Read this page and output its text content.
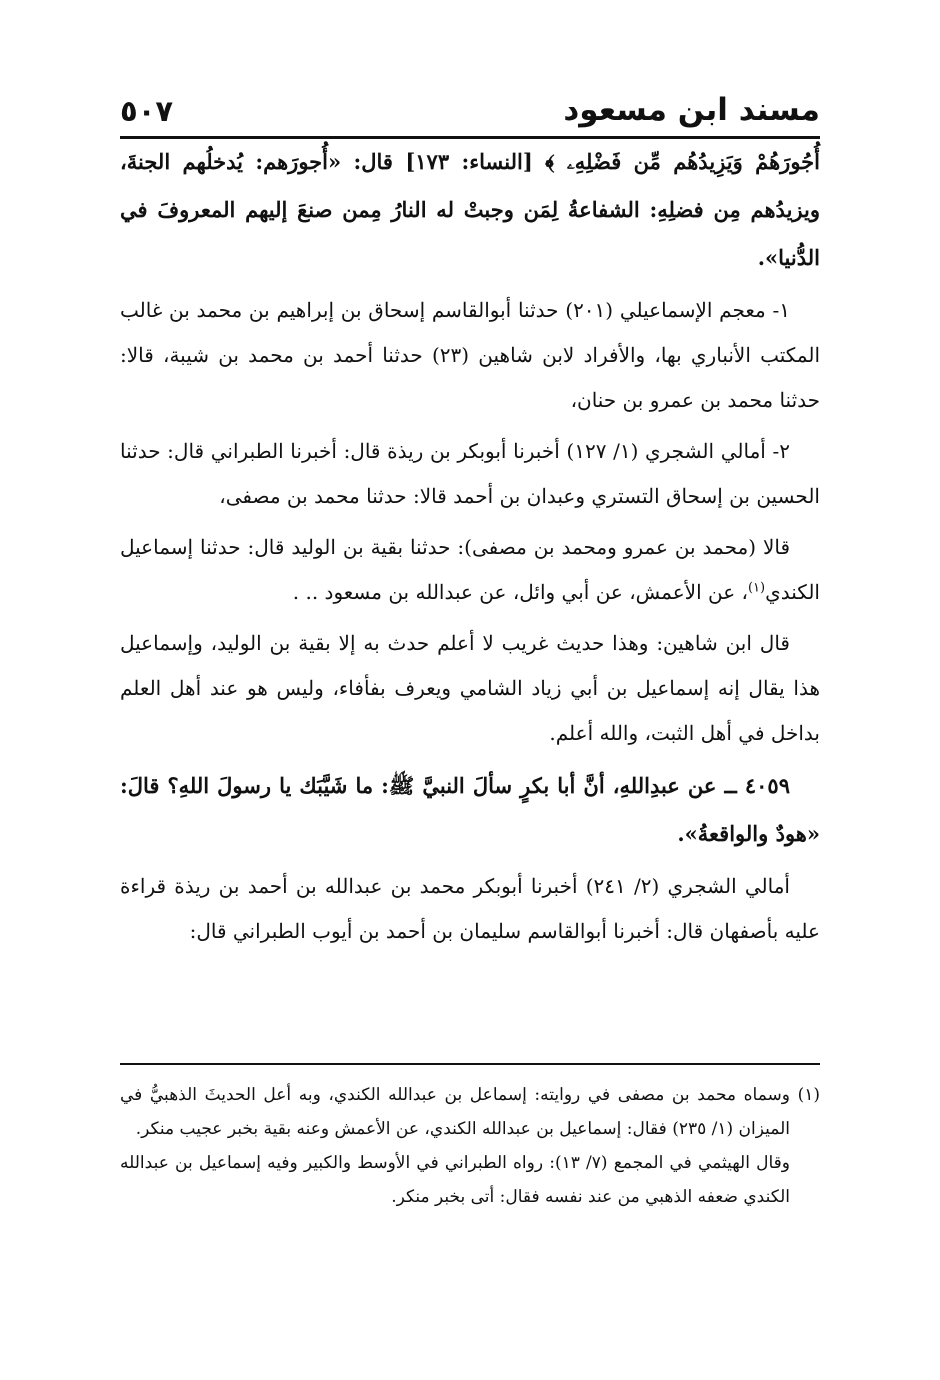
مسند ابن مسعود
٥٠٧

أُجُورَهُمْ وَيَزِيدُهُم مِّن فَضْلِهِۦ ﴾ [النساء: ١٧٣] قال: «أُجورَهم: يُدخلُهم الجنةَ، ويزيدُهم مِن فضلِهِ: الشفاعةُ لِمَن وجبتْ له النارُ مِمن صنعَ إليهم المعروفَ في الدُّنيا».

١- معجم الإسماعيلي (٢٠١) حدثنا أبوالقاسم إسحاق بن إبراهيم بن محمد بن غالب المكتب الأنباري بها، والأفراد لابن شاهين (٢٣) حدثنا أحمد بن محمد بن شيبة، قالا: حدثنا محمد بن عمرو بن حنان،

٢- أمالي الشجري (١/ ١٢٧) أخبرنا أبوبكر بن ريذة قال: أخبرنا الطبراني قال: حدثنا الحسين بن إسحاق التستري وعبدان بن أحمد قالا: حدثنا محمد بن مصفى،

قالا (محمد بن عمرو ومحمد بن مصفى): حدثنا بقية بن الوليد قال: حدثنا إسماعيل الكندي$^{(١)}$، عن الأعمش، عن أبي وائل، عن عبدالله بن مسعود .. .

قال ابن شاهين: وهذا حديث غريب لا أعلم حدث به إلا بقية بن الوليد، وإسماعيل هذا يقال إنه إسماعيل بن أبي زياد الشامي ويعرف بفأفاء، وليس هو عند أهل العلم بداخل في أهل الثبت، والله أعلم.

٤٠٥٩ ــ عن عبدِاللهِ، أنَّ أبا بكرٍ سألَ النبيَّ ﷺ: ما شَيَّبَك يا رسولَ اللهِ؟ قالَ: «هودٌ والواقعةُ».

أمالي الشجري (٢/ ٢٤١) أخبرنا أبوبكر محمد بن عبدالله بن أحمد بن ريذة قراءة عليه بأصفهان قال: أخبرنا أبوالقاسم سليمان بن أحمد بن أيوب الطبراني قال:

(١)وسماه محمد بن مصفى في روايته: إسماعل بن عبدالله الكندي، وبه أعل الحديثَ الذهبيُّ في الميزان (١/ ٢٣٥) فقال: إسماعيل بن عبدالله الكندي، عن الأعمش وعنه بقية بخبر عجيب منكر.

وقال الهيثمي في المجمع (٧/ ١٣): رواه الطبراني في الأوسط والكبير وفيه إسماعيل بن عبدالله الكندي ضعفه الذهبي من عند نفسه فقال: أتى بخبر منكر.
